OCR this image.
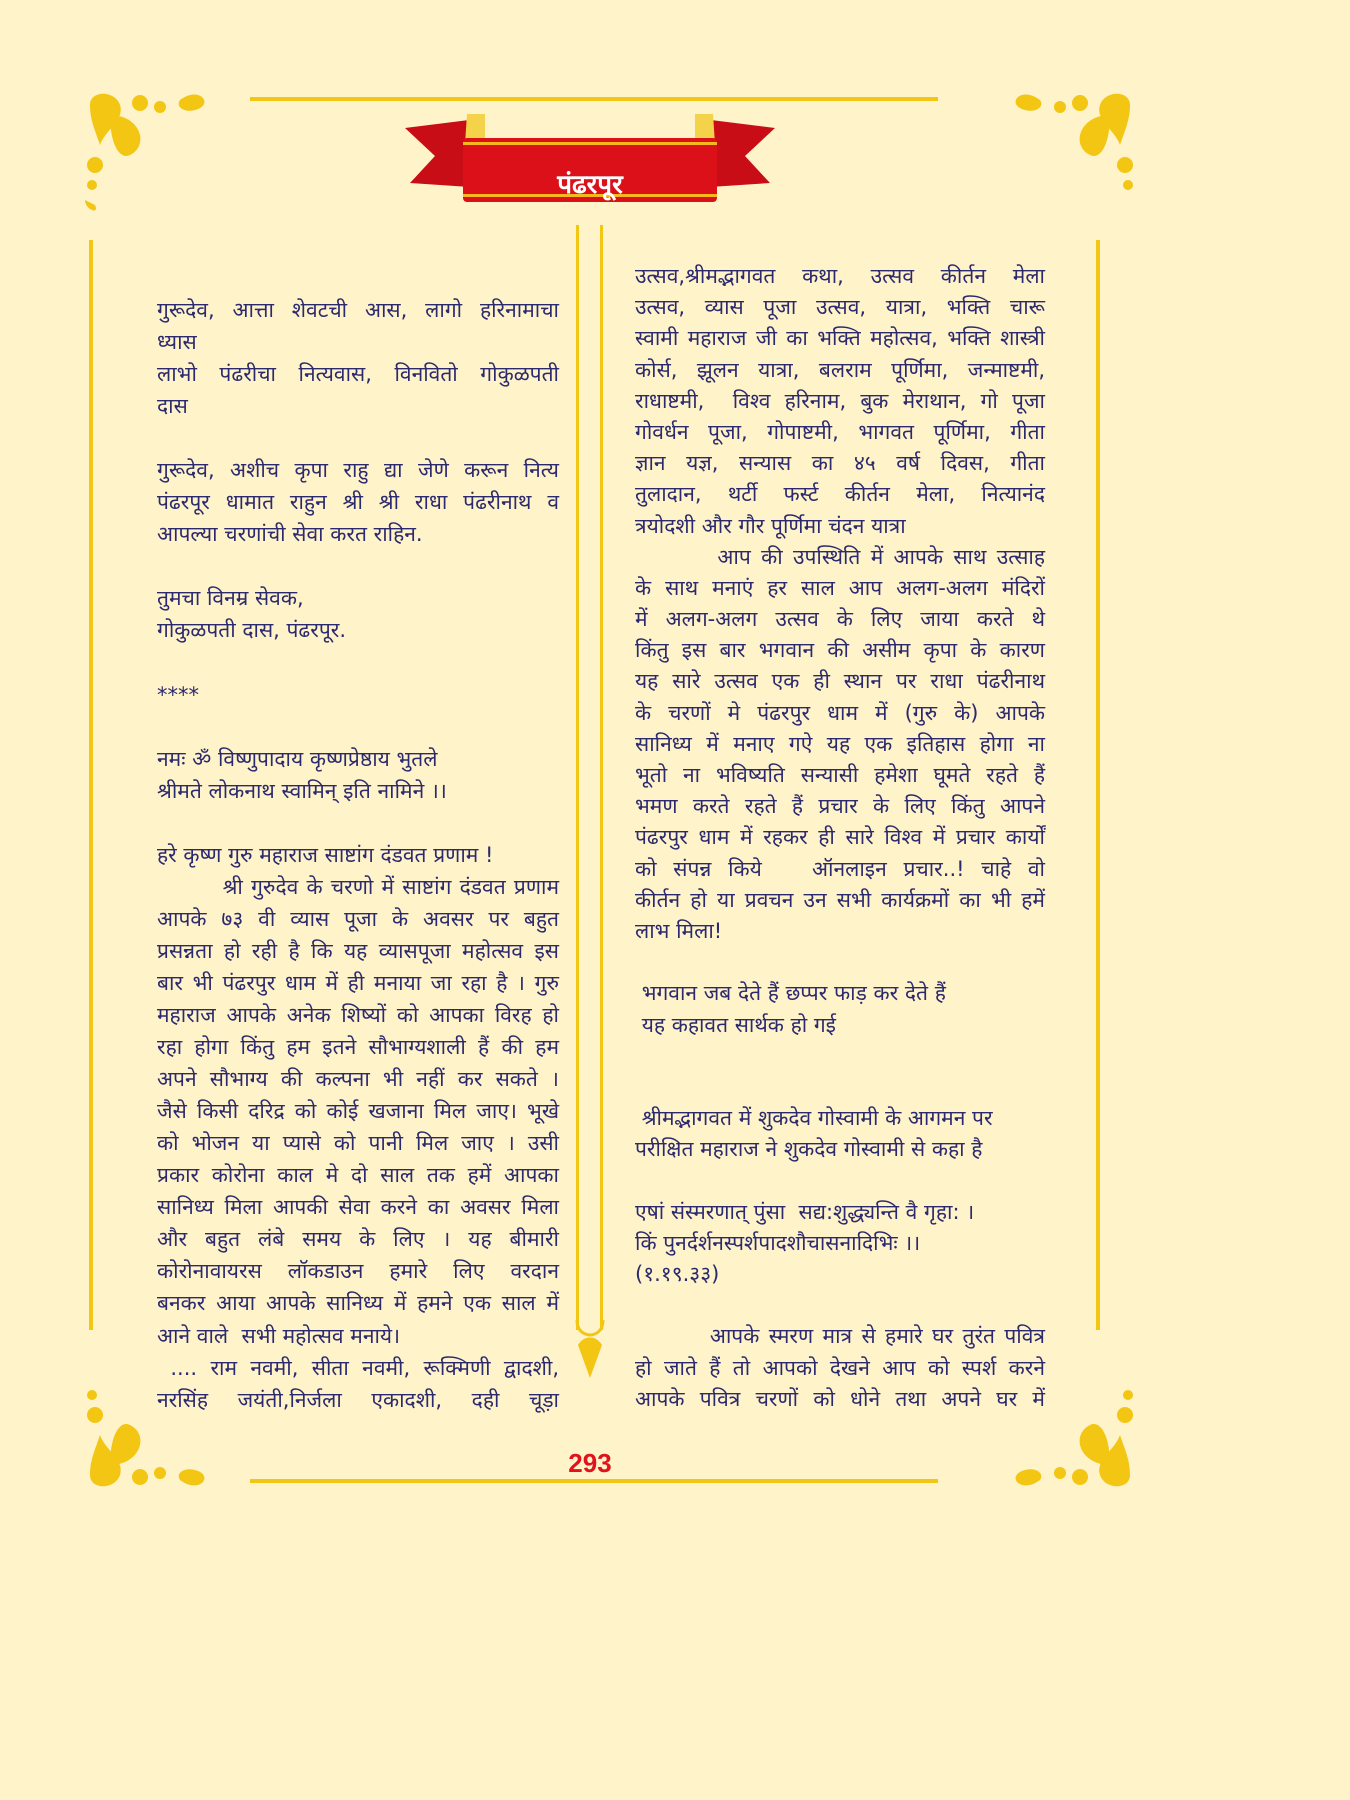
पंढरपूर
गुरूदेव, आत्ता शेवटची आस, लागो हरिनामाचा
ध्यास
लाभो पंढरीचा नित्यवास, विनवितो गोकुळपती
दास
गुरूदेव, अशीच कृपा राहु द्या जेणे करून नित्य
पंढरपूर धामात राहुन श्री श्री राधा पंढरीनाथ व
आपल्या चरणांची सेवा करत राहिन.
तुमचा विनम्र सेवक,
गोकुळपती दास, पंढरपूर.
****
नमः ॐ विष्णुपादाय कृष्णप्रेष्ठाय भुतले
श्रीमते लोकनाथ स्वामिन् इति नामिने ।।
हरे कृष्ण गुरु महाराज साष्टांग दंडवत प्रणाम !
श्री गुरुदेव के चरणो में साष्टांग दंडवत प्रणाम
आपके ७३ वी व्यास पूजा के अवसर पर बहुत
प्रसन्नता हो रही है कि यह व्यासपूजा महोत्सव इस
बार भी पंढरपुर धाम में ही मनाया जा रहा है । गुरु
महाराज आपके अनेक शिष्यों को आपका विरह हो
रहा होगा किंतु हम इतने सौभाग्यशाली हैं की हम
अपने सौभाग्य की कल्पना भी नहीं कर सकते ।
जैसे किसी दरिद्र को कोई खजाना मिल जाए। भूखे
को भोजन या प्यासे को पानी मिल जाए । उसी
प्रकार कोरोना काल मे दो साल तक हमें आपका
सानिध्य मिला आपकी सेवा करने का अवसर मिला
और बहुत लंबे समय के लिए । यह बीमारी
कोरोनावायरस लॉकडाउन हमारे लिए वरदान
बनकर आया आपके सानिध्य में हमने एक साल में
आने वाले  सभी महोत्सव मनाये।
.... राम नवमी, सीता नवमी, रूक्मिणी द्वादशी,
नरसिंह जयंती,निर्जला एकादशी, दही चूड़ा
उत्सव,श्रीमद्भागवत कथा, उत्सव कीर्तन मेला
उत्सव, व्यास पूजा उत्सव, यात्रा, भक्ति चारू
स्वामी महाराज जी का भक्ति महोत्सव, भक्ति शास्त्री
कोर्स, झूलन यात्रा, बलराम पूर्णिमा, जन्माष्टमी,
राधाष्टमी,  विश्व हरिनाम, बुक मेराथान, गो पूजा
गोवर्धन पूजा, गोपाष्टमी, भागवत पूर्णिमा, गीता
ज्ञान यज्ञ, सन्यास का ४५ वर्ष दिवस, गीता
तुलादान, थर्टी फर्स्ट कीर्तन मेला, नित्यानंद
त्रयोदशी और गौर पूर्णिमा चंदन यात्रा
आप की उपस्थिति में आपके साथ उत्साह
के साथ मनाएं हर साल आप अलग-अलग मंदिरों
में अलग-अलग उत्सव के लिए जाया करते थे
किंतु इस बार भगवान की असीम कृपा के कारण
यह सारे उत्सव एक ही स्थान पर राधा पंढरीनाथ
के चरणों मे पंढरपुर धाम में (गुरु के) आपके
सानिध्य में मनाए गऐ यह एक इतिहास होगा ना
भूतो ना भविष्यति सन्यासी हमेशा घूमते रहते हैं
भमण करते रहते हैं प्रचार के लिए किंतु आपने
पंढरपुर धाम में रहकर ही सारे विश्व में प्रचार कार्यों
को संपन्न किये   ऑनलाइन प्रचार..! चाहे वो
कीर्तन हो या प्रवचन उन सभी कार्यक्रमों का भी हमें
लाभ मिला!
भगवान जब देते हैं छप्पर फाड़ कर देते हैं
यह कहावत सार्थक हो गई
श्रीमद्भागवत में शुकदेव गोस्वामी के आगमन पर
परीक्षित महाराज ने शुकदेव गोस्वामी से कहा है
एषां संस्मरणात् पुंसा  सद्य:शुद्ध्यन्ति वै गृहा: ।
किं पुनर्दर्शनस्पर्शपादशौचासनादिभिः ।।
(१.१९.३३)
आपके स्मरण मात्र से हमारे घर तुरंत पवित्र
हो जाते हैं तो आपको देखने आप को स्पर्श करने
आपके पवित्र चरणों को धोने तथा अपने घर में
293
